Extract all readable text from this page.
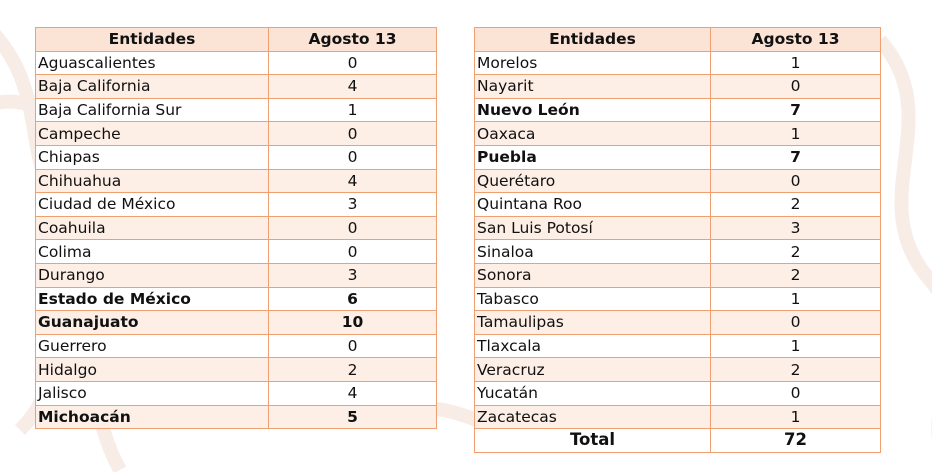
Entidades	Agosto 13
Aguascalientes	0
Baja California	4
Baja California Sur	1
Campeche	0
Chiapas	0
Chihuahua	4
Ciudad de México	3
Coahuila	0
Colima	0
Durango	3
Estado de México	6
Guanajuato	10
Guerrero	0
Hidalgo	2
Jalisco	4
Michoacán	5
Entidades	Agosto 13
Morelos	1
Nayarit	0
Nuevo León	7
Oaxaca	1
Puebla	7
Querétaro	0
Quintana Roo	2
San Luis Potosí	3
Sinaloa	2
Sonora	2
Tabasco	1
Tamaulipas	0
Tlaxcala	1
Veracruz	2
Yucatán	0
Zacatecas	1
Total	72
